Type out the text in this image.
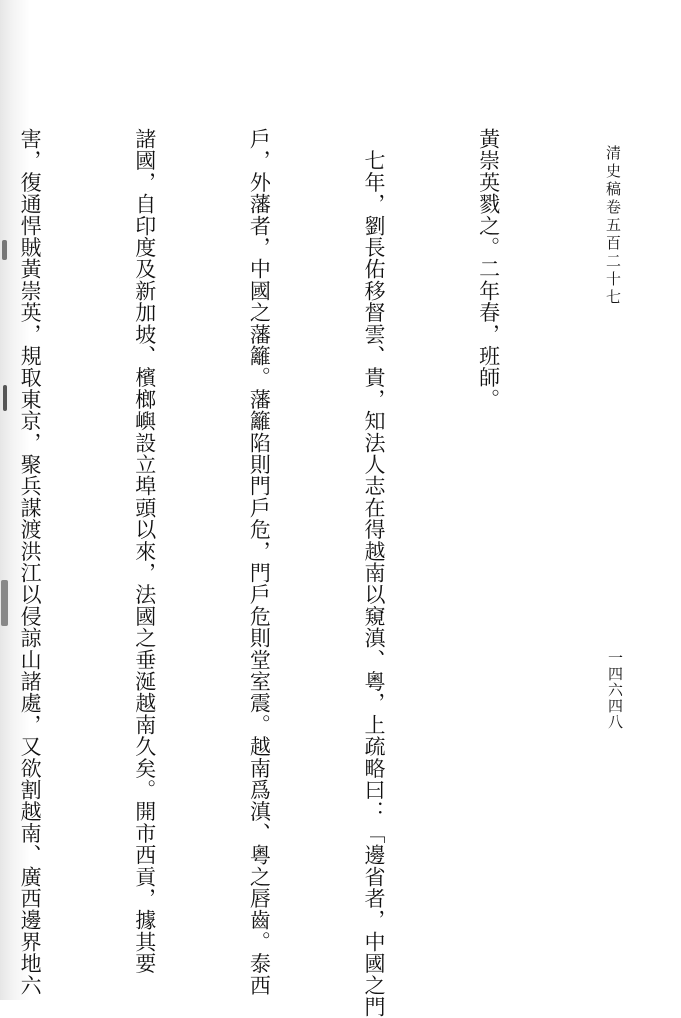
清史稿卷五百二十七

黃崇英戮之。二年春，班師。

　七年，劉長佑移督雲、貴，知法人志在得越南以窺滇、粵，上疏略曰：「邊省者，中國之門

戶，外藩者，中國之藩籬。藩籬陷則門戶危，門戶危則堂室震。越南爲滇、粵之唇齒。泰西

諸國，自印度及新加坡、檳榔嶼設立埠頭以來，法國之垂涎越南久矣。開市西貢，據其要

害，復通悍賊黃崇英，規取東京，聚兵謀渡洪江以侵諒山諸處，又欲割越南、廣西邊界地六

	一四六四八
